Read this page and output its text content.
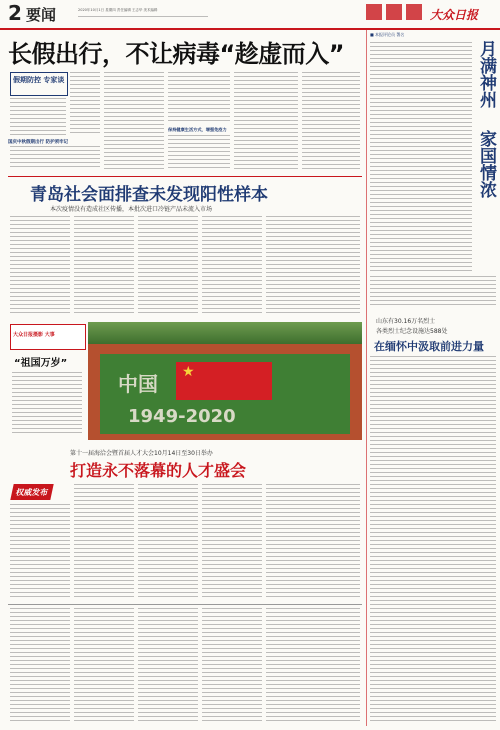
2 要闻	2020年10月1日 星期四 责任编辑 王志华 美术编辑	大众日报
长假出行，不让病毒“趁虚而入”
假期防控 专家谈
国庆中秋假期出行 防护须牢记
保持健康生活方式，增强免疫力
青岛社会面排查未发现阳性样本
本次疫情没有造成社区传播，本批次进口冷链产品未流入市场
大众日报摄影 大事
“祖国万岁”
★
中国
1949-2020
第十一届海洽会暨首届人才大会10月14日至30日举办
打造永不落幕的人才盛会
权威发布
■ 本报评论员 署名
月满神州
家国情浓
山东有30.16万名烈士
各类烈士纪念设施达588处
在缅怀中汲取前进力量
